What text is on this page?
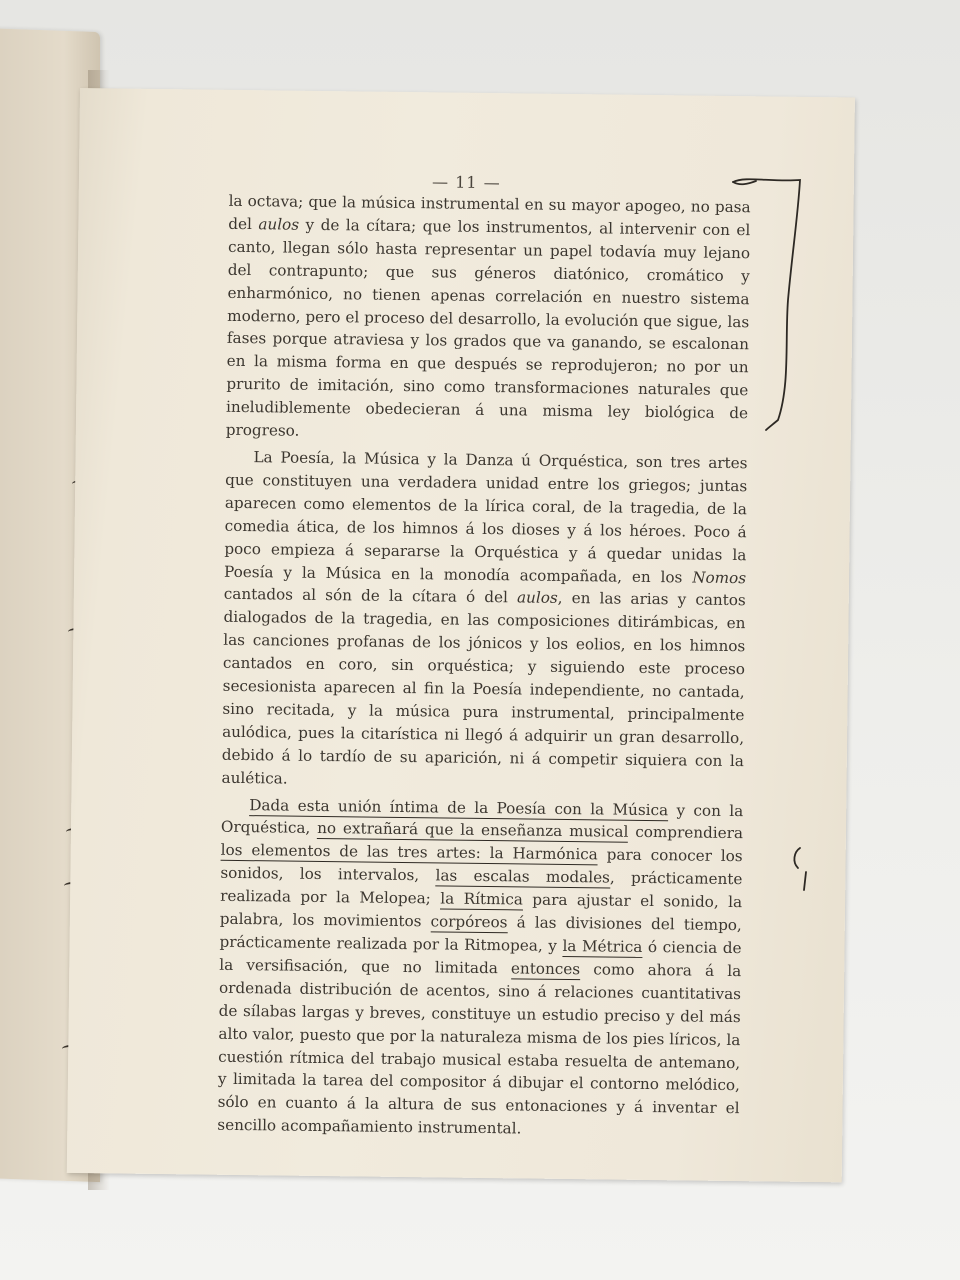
— 11 —

la octava; que la música instrumental en su mayor apogeo, no pasa del aulos y de la cítara; que los instrumentos, al intervenir con el canto, llegan sólo hasta representar un papel todavía muy lejano del contrapunto; que sus géneros diatónico, cromático y enharmónico, no tienen apenas correlación en nuestro sistema moderno, pero el proceso del desarrollo, la evolución que sigue, las fases porque atraviesa y los grados que va ganando, se escalonan en la misma forma en que después se reprodujeron; no por un prurito de imitación, sino como transformaciones naturales que ineludiblemente obedecieran á una misma ley biológica de progreso.

La Poesía, la Música y la Danza ú Orquéstica, son tres artes que constituyen una verdadera unidad entre los griegos; juntas aparecen como elementos de la lírica coral, de la tragedia, de la comedia ática, de los himnos á los dioses y á los héroes. Poco á poco empieza á separarse la Orquéstica y á quedar unidas la Poesía y la Música en la monodía acompañada, en los Nomos cantados al són de la cítara ó del aulos, en las arias y cantos dialogados de la tragedia, en las composiciones ditirámbicas, en las canciones profanas de los jónicos y los eolios, en los himnos cantados en coro, sin orquéstica; y siguiendo este proceso secesionista aparecen al fin la Poesía independiente, no cantada, sino recitada, y la música pura instrumental, principalmente aulódica, pues la citarística ni llegó á adquirir un gran desarrollo, debido á lo tardío de su aparición, ni á competir siquiera con la aulética.

Dada esta unión íntima de la Poesía con la Música y con la Orquéstica, no extrañará que la enseñanza musical comprendiera los elementos de las tres artes: la Harmónica para conocer los sonidos, los intervalos, las escalas modales, prácticamente realizada por la Melopea; la Rítmica para ajustar el sonido, la palabra, los movimientos corpóreos á las divisiones del tiempo, prácticamente realizada por la Ritmopea, y la Métrica ó ciencia de la versifisación, que no limitada entonces como ahora á la ordenada distribución de acentos, sino á relaciones cuantitativas de sílabas largas y breves, constituye un estudio preciso y del más alto valor, puesto que por la naturaleza misma de los pies líricos, la cuestión rítmica del trabajo musical estaba resuelta de antemano, y limitada la tarea del compositor á dibujar el contorno melódico, sólo en cuanto á la altura de sus entonaciones y á inventar el sencillo acompañamiento instrumental.
